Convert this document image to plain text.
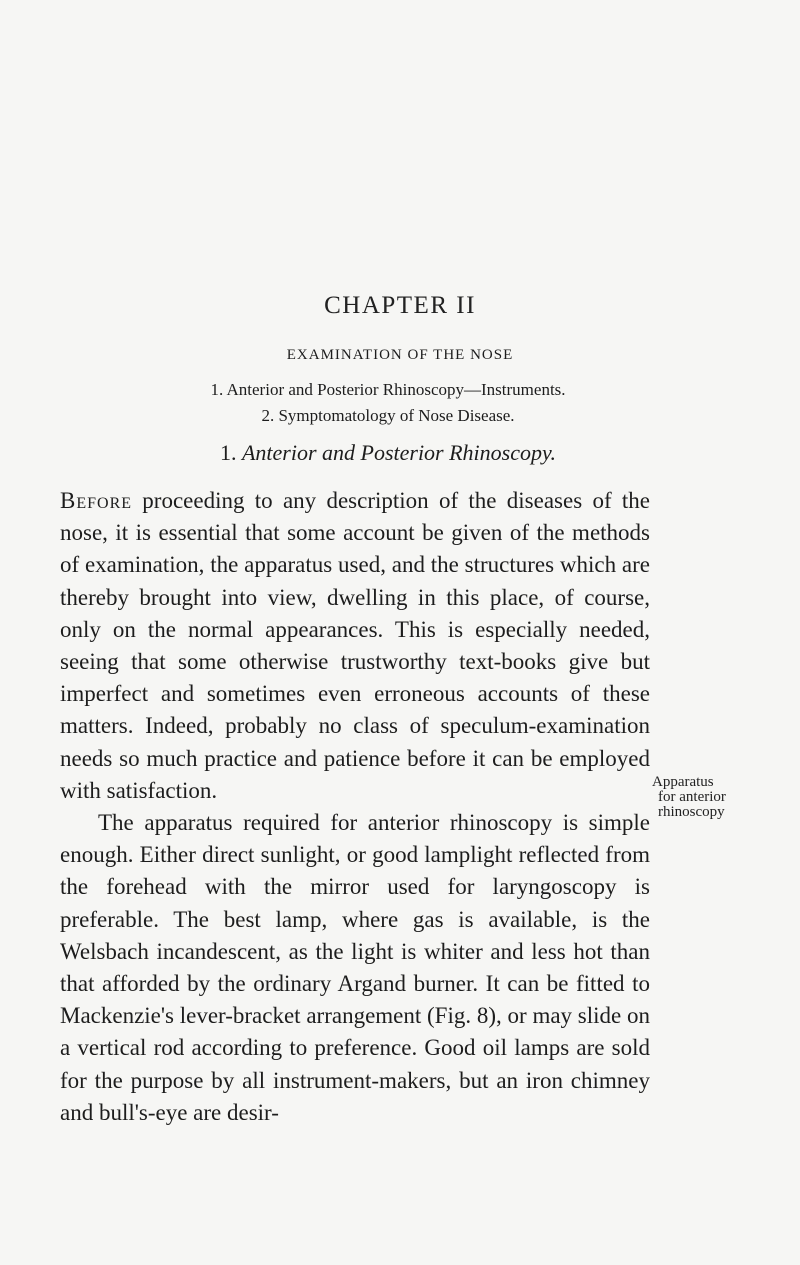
CHAPTER II
EXAMINATION OF THE NOSE
1. Anterior and Posterior Rhinoscopy—Instruments.
2. Symptomatology of Nose Disease.
1. Anterior and Posterior Rhinoscopy.

Before proceeding to any description of the diseases of the nose, it is essential that some account be given of the methods of examination, the apparatus used, and the structures which are thereby brought into view, dwelling in this place, of course, only on the normal appearances. This is especially needed, seeing that some otherwise trustworthy text-books give but imperfect and sometimes even erroneous accounts of these matters. Indeed, probably no class of speculum-examination needs so much practice and patience before it can be employed with satisfaction.

The apparatus required for anterior rhinoscopy is simple enough. Either direct sunlight, or good lamplight reflected from the forehead with the mirror used for laryngoscopy is preferable. The best lamp, where gas is available, is the Welsbach incandescent, as the light is whiter and less hot than that afforded by the ordinary Argand burner. It can be fitted to Mackenzie's lever-bracket arrangement (Fig. 8), or may slide on a vertical rod according to preference. Good oil lamps are sold for the purpose by all instrument-makers, but an iron chimney and bull's-eye are desir-

Apparatus
for anterior
rhinoscopy
